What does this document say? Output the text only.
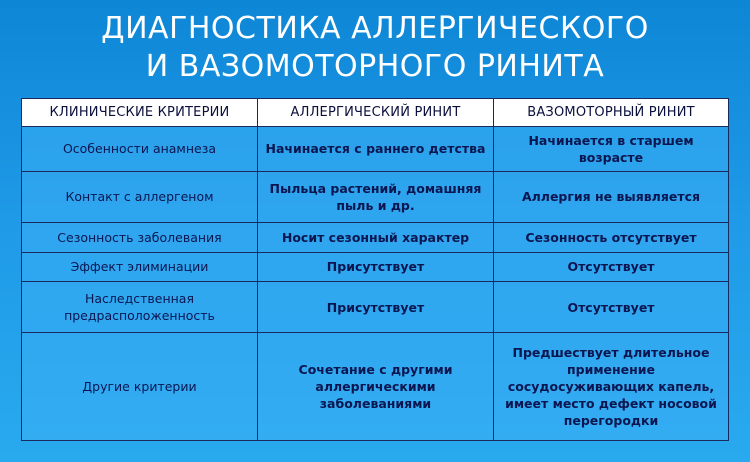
ДИАГНОСТИКА АЛЛЕРГИЧЕСКОГО
И ВАЗОМОТОРНОГО РИНИТА
КЛИНИЧЕСКИЕ КРИТЕРИИ	АЛЛЕРГИЧЕСКИЙ РИНИТ	ВАЗОМОТОРНЫЙ РИНИТ
Особенности анамнеза	Начинается с раннего детства	Начинается в старшем возрасте
Контакт с аллергеном	Пыльца растений, домашняя пыль и др.	Аллергия не выявляется
Сезонность заболевания	Носит сезонный характер	Сезонность отсутствует
Эффект элиминации	Присутствует	Отсутствует
Наследственная предрасположенность	Присутствует	Отсутствует
Другие критерии	Сочетание с другими аллергическими заболеваниями	Предшествует длительное применение сосудосуживающих капель, имеет место дефект носовой перегородки
